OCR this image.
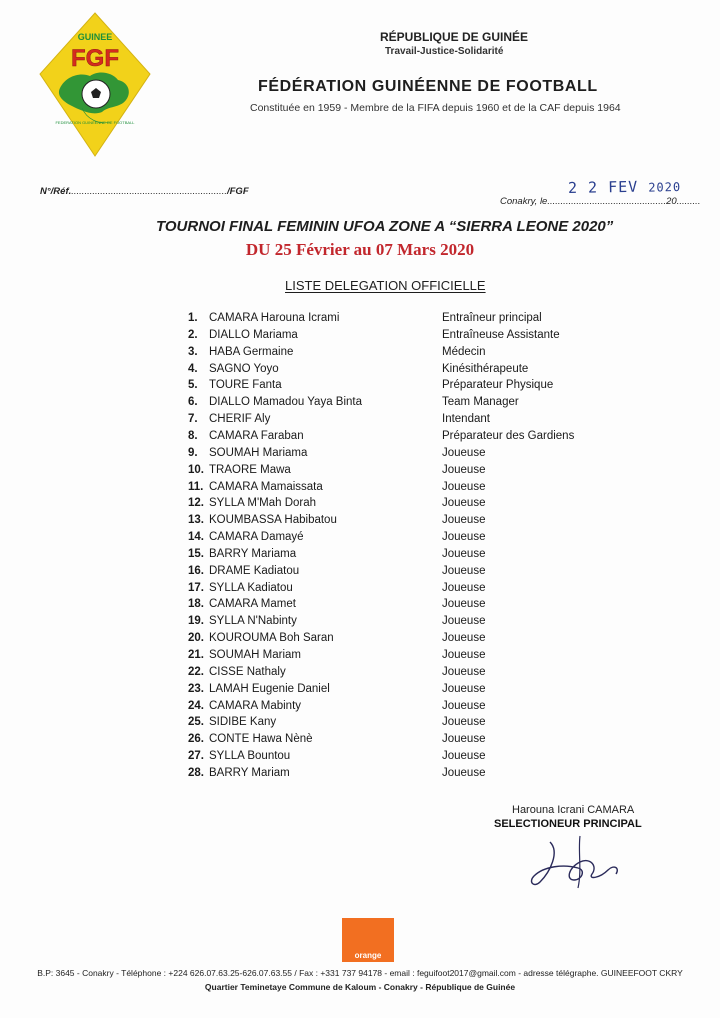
GUINEE
FGF
FEDERATION GUINEENNE DE FOOTBALL
RÉPUBLIQUE DE GUINÉE
Travail-Justice-Solidarité
FÉDÉRATION GUINÉENNE DE FOOTBALL
Constituée en 1959 - Membre de la FIFA depuis 1960 et de la CAF depuis 1964
N°/Réf............................................................/FGF
Conakry, le.............................................20.........
2 2 FEV 2020
TOURNOI FINAL FEMININ UFOA ZONE A “SIERRA LEONE 2020”
DU 25 Février au 07 Mars 2020
LISTE DELEGATION OFFICIELLE
1. CAMARA Harouna Icrami	Entraîneur principal
2. DIALLO Mariama	Entraîneuse Assistante
3. HABA Germaine	Médecin
4. SAGNO Yoyo	Kinésithérapeute
5. TOURE Fanta	Préparateur Physique
6. DIALLO Mamadou Yaya Binta	Team Manager
7. CHERIF Aly	Intendant
8. CAMARA Faraban	Préparateur des Gardiens
9. SOUMAH Mariama	Joueuse
10. TRAORE Mawa	Joueuse
11. CAMARA Mamaissata	Joueuse
12. SYLLA M'Mah Dorah	Joueuse
13. KOUMBASSA Habibatou	Joueuse
14. CAMARA Damayé	Joueuse
15. BARRY Mariama	Joueuse
16. DRAME Kadiatou	Joueuse
17. SYLLA Kadiatou	Joueuse
18. CAMARA Mamet	Joueuse
19. SYLLA N'Nabinty	Joueuse
20. KOUROUMA Boh Saran	Joueuse
21. SOUMAH Mariam	Joueuse
22. CISSE Nathaly	Joueuse
23. LAMAH Eugenie Daniel	Joueuse
24. CAMARA Mabinty	Joueuse
25. SIDIBE Kany	Joueuse
26. CONTE Hawa Nènè	Joueuse
27. SYLLA Bountou	Joueuse
28. BARRY Mariam	Joueuse
Harouna Icrani CAMARA
SELECTIONEUR PRINCIPAL
orange
B.P: 3645 - Conakry - Téléphone : +224 626.07.63.25-626.07.63.55 / Fax : +331 737 94178 - email : feguifoot2017@gmail.com - adresse télégraphe. GUINEEFOOT CKRY
Quartier Teminetaye Commune de Kaloum - Conakry - République de Guinée
